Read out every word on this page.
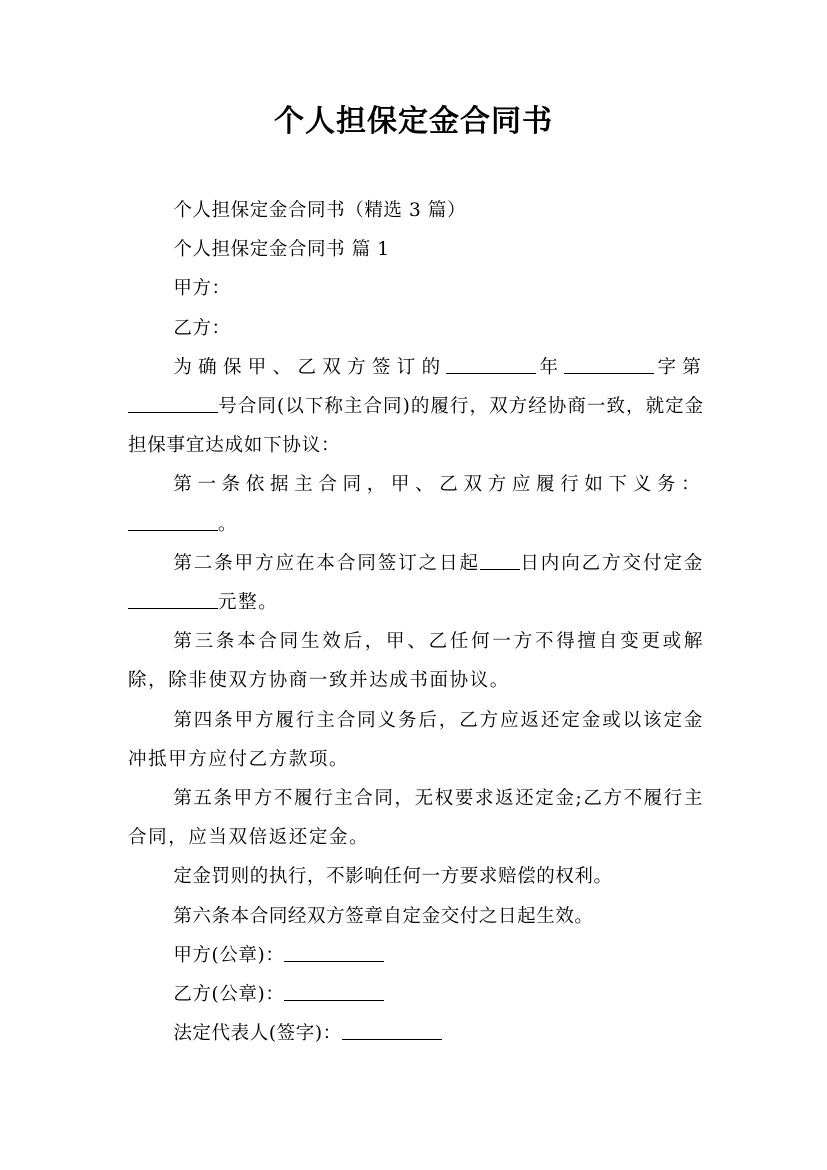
个人担保定金合同书

个人担保定金合同书（精选 3 篇）

个人担保定金合同书 篇 1

甲方：

乙方：

为确保甲、乙双方签订的	年	字第号合同(以下称主合同)的履行，双方经协商一致，就定金担保事宜达成如下协议：

第一条依据主合同，甲、乙双方应履行如下义务：。

第二条甲方应在本合同签订之日起 日内向乙方交付定金元整。

第三条本合同生效后，甲、乙任何一方不得擅自变更或解除，除非使双方协商一致并达成书面协议。

第四条甲方履行主合同义务后，乙方应返还定金或以该定金冲抵甲方应付乙方款项。

第五条甲方不履行主合同，无权要求返还定金;乙方不履行主合同，应当双倍返还定金。

定金罚则的执行，不影响任何一方要求赔偿的权利。

第六条本合同经双方签章自定金交付之日起生效。

甲方(公章)：

乙方(公章)：

法定代表人(签字)：
